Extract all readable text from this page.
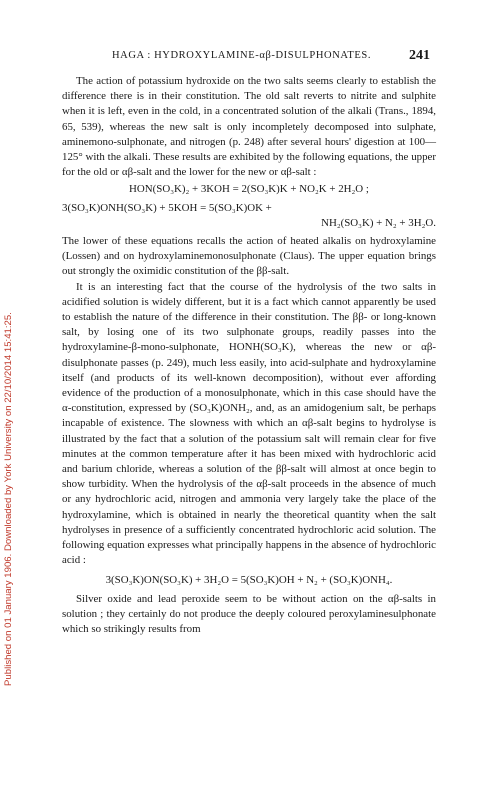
HAGA : HYDROXYLAMINE-αβ-DISULPHONATES.	241
Published on 01 January 1906. Downloaded by York University on 22/10/2014 15:41:25.

The action of potassium hydroxide on the two salts seems clearly to establish the difference there is in their constitution. The old salt reverts to nitrite and sulphite when it is left, even in the cold, in a concentrated solution of the alkali (Trans., 1894, 65, 539), whereas the new salt is only incompletely decomposed into sulphate, aminemono-sulphonate, and nitrogen (p. 248) after several hours' digestion at 100—125° with the alkali. These results are exhibited by the following equations, the upper for the old or αβ-salt and the lower for the new or αβ-salt :

HON(SO₃K)₂ + 3KOH = 2(SO₃K)K + NO₂K + 2H₂O ;
3(SO₃K)ONH(SO₃K) + 5KOH = 5(SO₃K)OK +
NH₂(SO₃K) + N₂ + 3H₂O.

The lower of these equations recalls the action of heated alkalis on hydroxylamine (Lossen) and on hydroxylaminemonosulphonate (Claus). The upper equation brings out strongly the oximidic constitution of the ββ-salt.

It is an interesting fact that the course of the hydrolysis of the two salts in acidified solution is widely different, but it is a fact which cannot apparently be used to establish the nature of the difference in their constitution. The ββ- or long-known salt, by losing one of its two sulphonate groups, readily passes into the hydroxylamine-β-mono-sulphonate, HONH(SO₃K), whereas the new or αβ-disulphonate passes (p. 249), much less easily, into acid-sulphate and hydroxylamine itself (and products of its well-known decomposition), without ever affording evidence of the production of a monosulphonate, which in this case should have the α-constitution, expressed by (SO₃K)ONH₂, and, as an amidogenium salt, be perhaps incapable of existence. The slowness with which an αβ-salt begins to hydrolyse is illustrated by the fact that a solution of the potassium salt will remain clear for five minutes at the common temperature after it has been mixed with hydrochloric acid and barium chloride, whereas a solution of the ββ-salt will almost at once begin to show turbidity. When the hydrolysis of the αβ-salt proceeds in the absence of much or any hydrochloric acid, nitrogen and ammonia very largely take the place of the hydroxylamine, which is obtained in nearly the theoretical quantity when the salt hydrolyses in presence of a sufficiently concentrated hydrochloric acid solution. The following equation expresses what principally happens in the absence of hydrochloric acid :

3(SO₃K)ON(SO₃K) + 3H₂O = 5(SO₃K)OH + N₂ + (SO₃K)ONH₄.

Silver oxide and lead peroxide seem to be without action on the αβ-salts in solution ; they certainly do not produce the deeply coloured peroxylaminesulphonate which so strikingly results from
